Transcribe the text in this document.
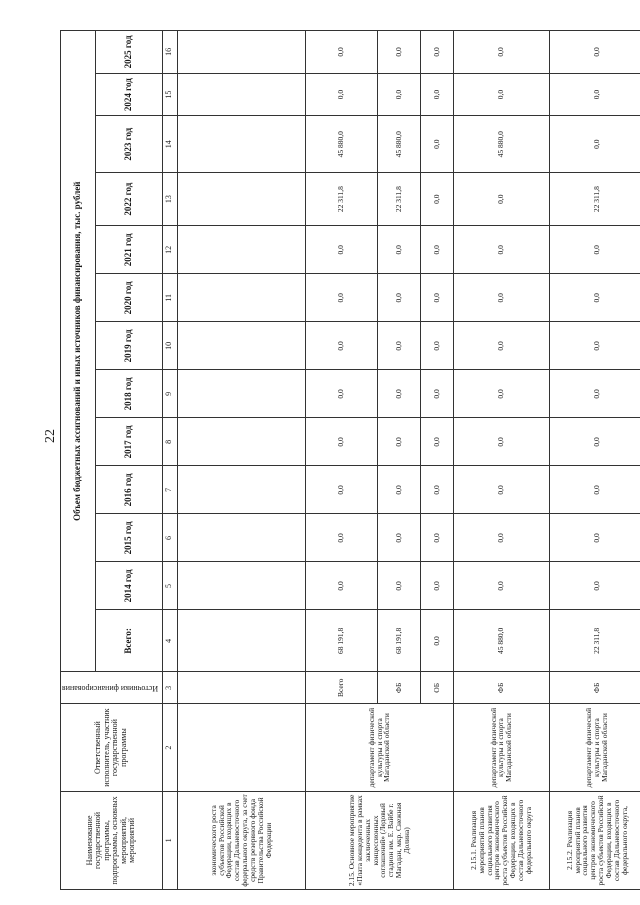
22
Наименование государственной программы, подпрограммы, основных мероприятий, мероприятий	Ответственный исполнитель, участник государственной программы	Источники финансирования	Объем бюджетных ассигнований и иных источников финансирования, тыс. рублей												
			Всего:	2014 год	2015 год	2016 год	2017 год	2018 год	2019 год	2020 год	2021 год	2022 год	2023 год	2024 год	2025 год
1	2	3	4	5	6	7	8	9	10	11	12	13	14	15	16
экономического роста субъектов Российской Федерации, входящих в состав Дальневосточного федерального округа, за счет средств резервного фонда Правительства Российской Федерации															
2.15. Основное мероприятие «Плата концедента в рамках заключенных концессионных соглашений» (Ледовый стадион им. Е. Вайбе г. Магадан, мкр. Снежная Долина)	департамент физической культуры и спорта Магаданской области	Всего	68 191,8	0,0	0,0	0,0	0,0	0,0	0,0	0,0	0,0	22 311,8	45 880,0	0,0	0,0
		ФБ	68 191,8	0,0	0,0	0,0	0,0	0,0	0,0	0,0	0,0	22 311,8	45 880,0	0,0	0,0
		ОБ	0,0	0,0	0,0	0,0	0,0	0,0	0,0	0,0	0,0	0,0	0,0	0,0	0,0
2.15.1. Реализация мероприятий планов социального развития центров экономического роста субъектов Российской Федерации, входящих в состав Дальневосточного федерального округа	департамент физической культуры и спорта Магаданской области	ФБ	45 880,0	0,0	0,0	0,0	0,0	0,0	0,0	0,0	0,0	0,0	45 880,0	0,0	0,0
2.15.2. Реализация мероприятий планов социального развития центров экономического роста субъектов Российской Федерации, входящих в состав Дальневосточного федерального округа,	департамент физической культуры и спорта Магаданской области	ФБ	22 311,8	0,0	0,0	0,0	0,0	0,0	0,0	0,0	0,0	22 311,8	0,0	0,0	0,0
